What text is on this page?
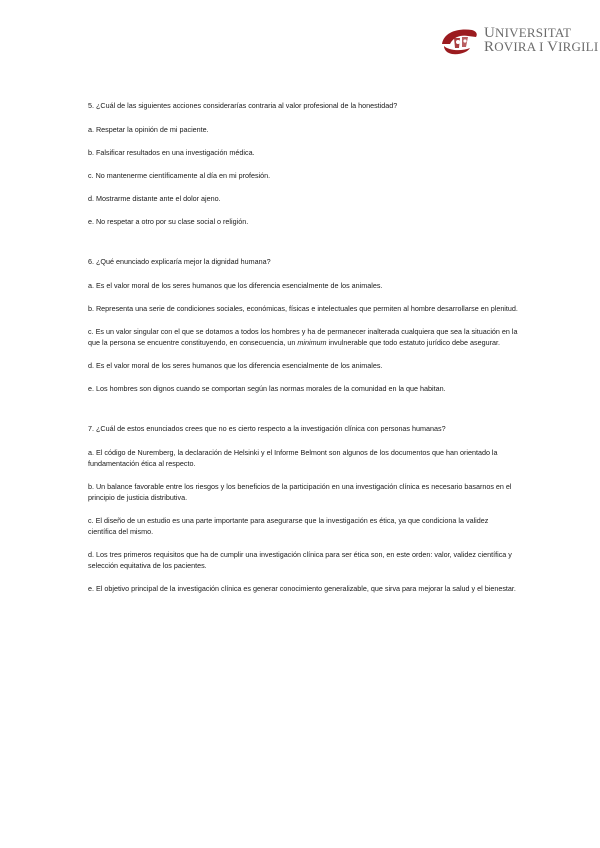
UNIVERSITAT
ROVIRA I VIRGILI

5. ¿Cuál de las siguientes acciones considerarías contraria al valor profesional de la honestidad?

a. Respetar la opinión de mi paciente.

b. Falsificar resultados en una investigación médica.

c. No mantenerme científicamente al día en mi profesión.

d. Mostrarme distante ante el dolor ajeno.

e. No respetar a otro por su clase social o religión.

6. ¿Qué enunciado explicaría mejor la dignidad humana?

a. Es el valor moral de los seres humanos que los diferencia esencialmente de los animales.

b. Representa una serie de condiciones sociales, económicas, físicas e intelectuales que permiten al hombre desarrollarse en plenitud.

c. Es un valor singular con el que se dotamos a todos los hombres y ha de permanecer inalterada cualquiera que sea la situación en la que la persona se encuentre constituyendo, en consecuencia, un minimum invulnerable que todo estatuto jurídico debe asegurar.

d. Es el valor moral de los seres humanos que los diferencia esencialmente de los animales.

e. Los hombres son dignos cuando se comportan según las normas morales de la comunidad en la que habitan.

7. ¿Cuál de estos enunciados crees que no es cierto respecto a la investigación clínica con personas humanas?

a. El código de Nuremberg, la declaración de Helsinki y el Informe Belmont son algunos de los documentos que han orientado la fundamentación ética al respecto.

b. Un balance favorable entre los riesgos y los beneficios de la participación en una investigación clínica es necesario basarnos en el principio de justicia distributiva.

c. El diseño de un estudio es una parte importante para asegurarse que la investigación es ética, ya que condiciona la validez científica del mismo.

d. Los tres primeros requisitos que ha de cumplir una investigación clínica para ser ética son, en este orden: valor, validez científica y selección equitativa de los pacientes.

e. El objetivo principal de la investigación clínica es generar conocimiento generalizable, que sirva para mejorar la salud y el bienestar.
